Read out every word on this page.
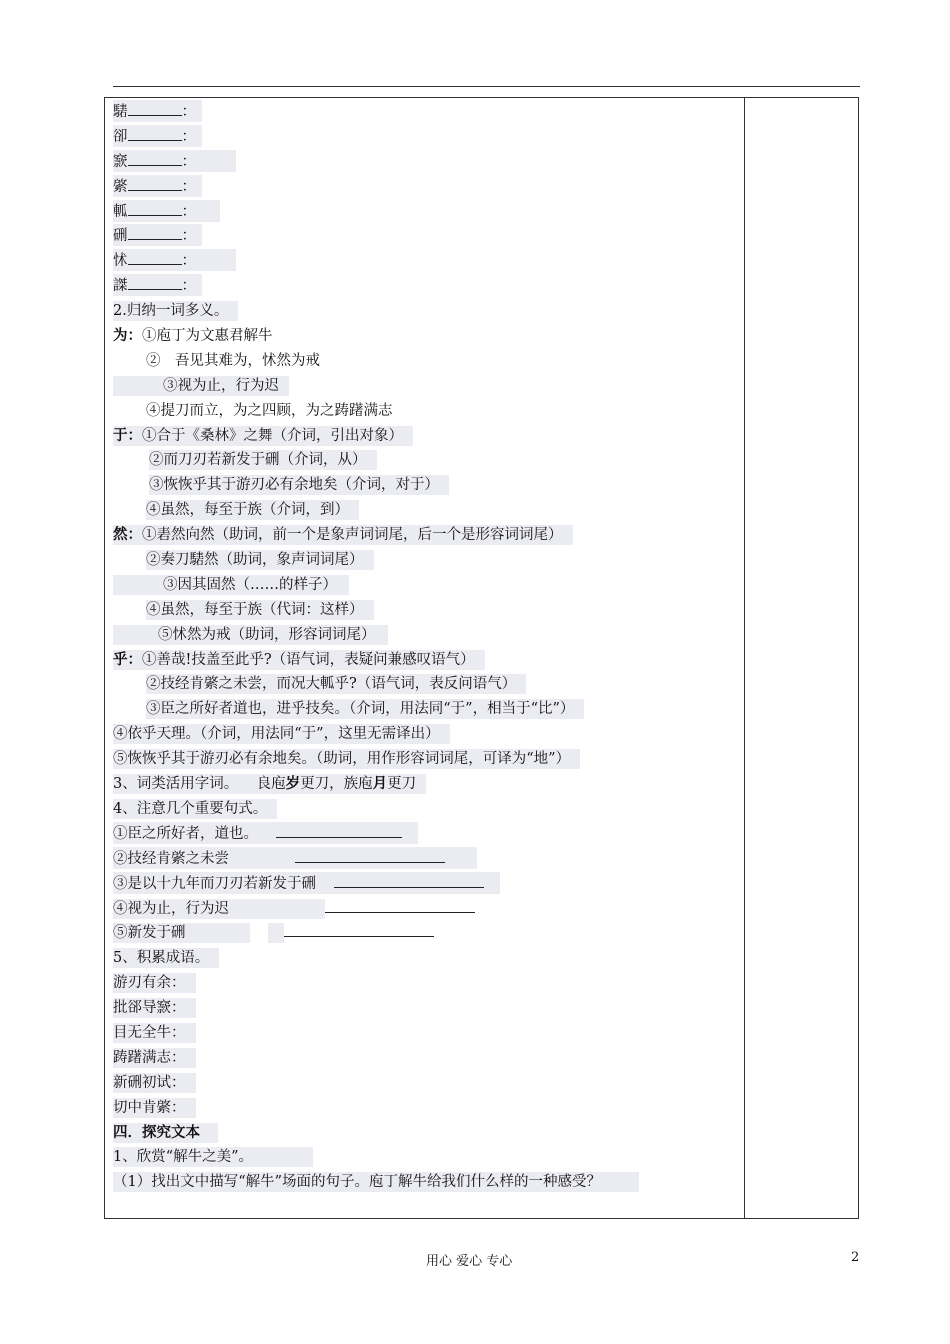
騞	：
卻	：
窾	：
綮	：
軱	：
硎	：
怵	：
謋	：
2.归纳一词多义。
为：①庖丁为文惠君解牛
②　吾见其难为，怵然为戒
③视为止，行为迟
④提刀而立，为之四顾，为之踌躇满志
于：①合于《桑林》之舞（介词，引出对象）
②而刀刃若新发于硎（介词，从）
③恢恢乎其于游刃必有余地矣（介词，对于）
④虽然，每至于族（介词，到）
然：①砉然向然（助词，前一个是象声词词尾，后一个是形容词词尾）
②奏刀騞然（助词，象声词词尾）
③因其固然（……的样子）
④虽然，每至于族（代词：这样）
⑤怵然为戒（助词，形容词词尾）
乎：①善哉!技盖至此乎?（语气词，表疑问兼感叹语气）
②技经肯綮之未尝，而况大軱乎?（语气词，表反问语气）
③臣之所好者道也，进乎技矣。（介词，用法同“于”，相当于“比”）
④依乎天理。（介词，用法同“于”，这里无需译出）
⑤恢恢乎其于游刃必有余地矣。（助词，用作形容词词尾，可译为“地”）
3、词类活用字词。 良庖岁更刀，族庖月更刀
4、注意几个重要句式。
①臣之所好者，道也。
②技经肯綮之未尝
③是以十九年而刀刃若新发于硎
④视为止，行为迟
⑤新发于硎
5、积累成语。
游刃有余：
批郤导窾：
目无全牛：
踌躇满志：
新硎初试：
切中肯綮：
四．探究文本
1、欣赏“解牛之美”。
（1）找出文中描写“解牛”场面的句子。庖丁解牛给我们什么样的一种感受？
用心 爱心 专心	2
